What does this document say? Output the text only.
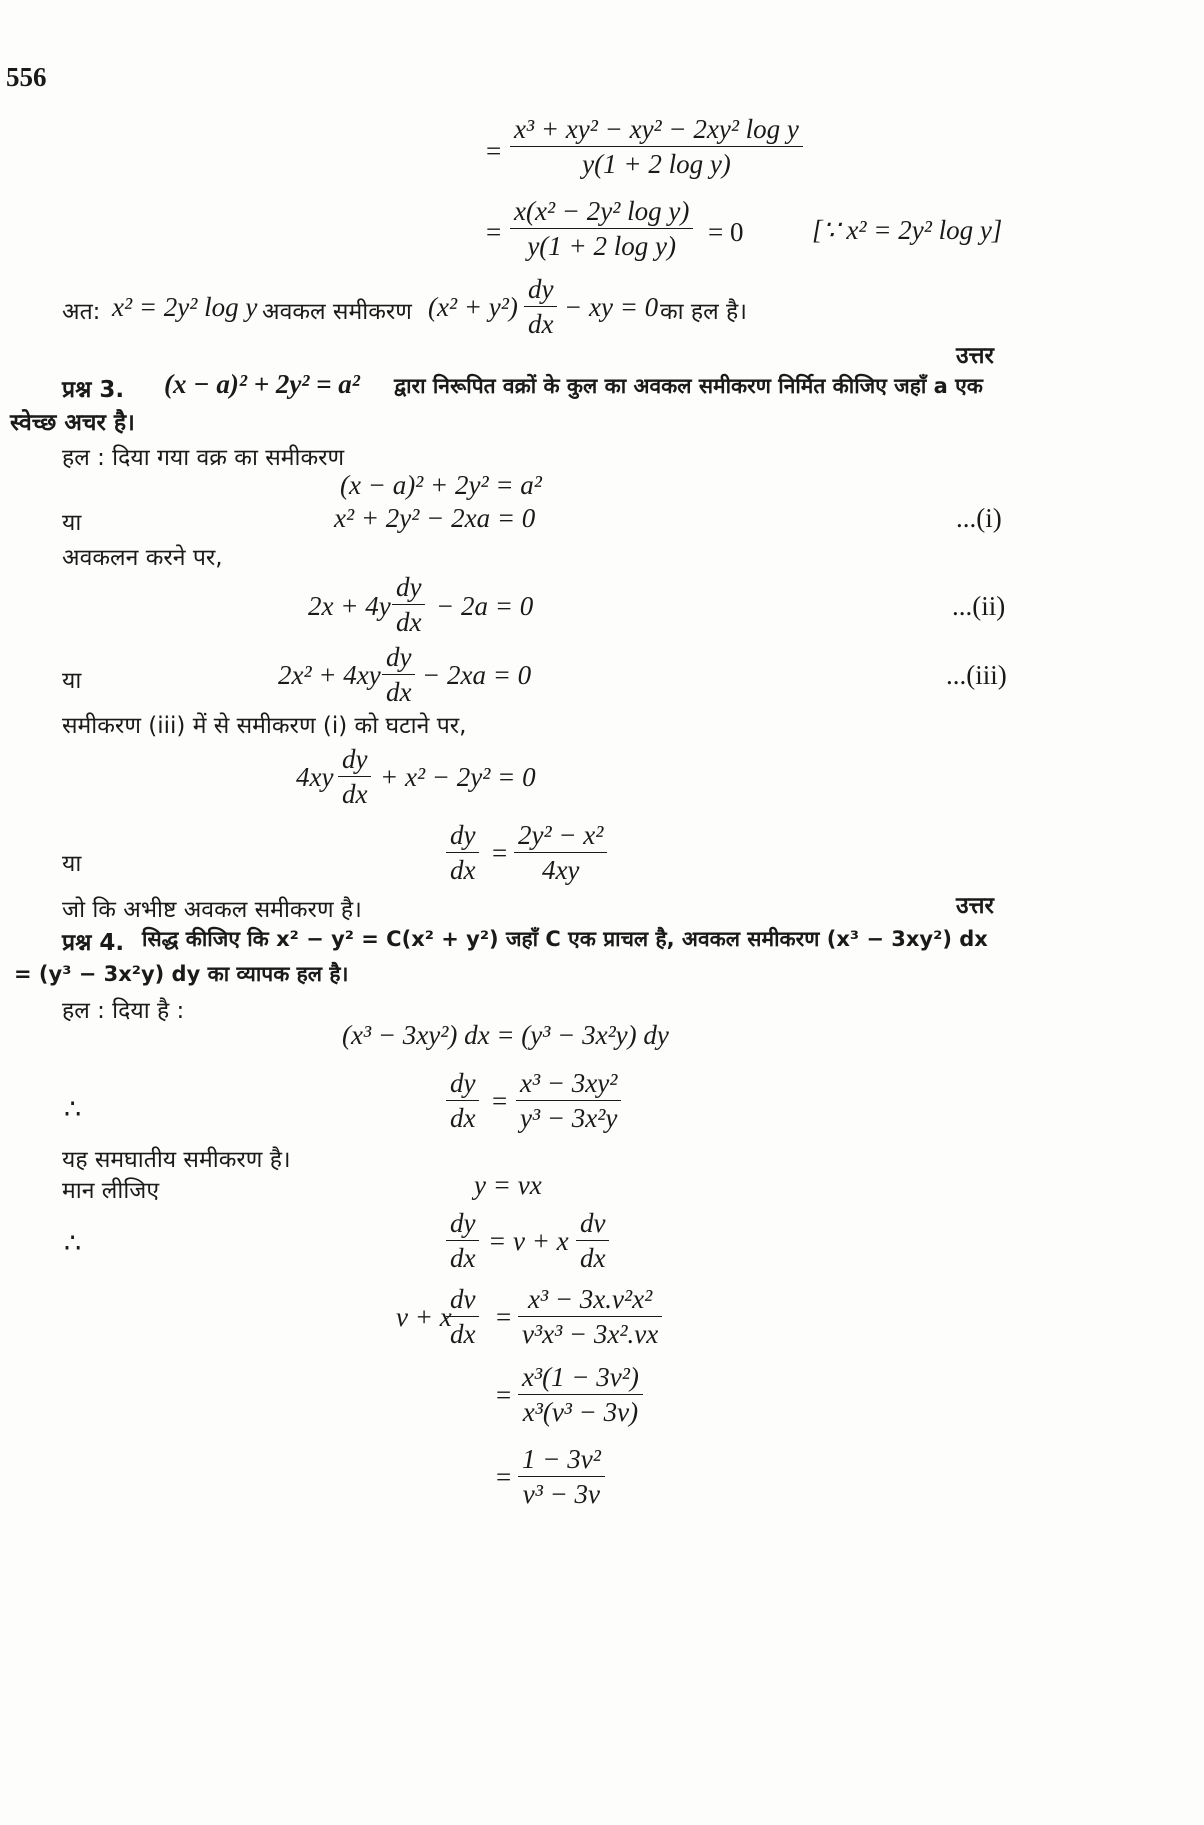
556
=
x³ + xy² − xy² − 2xy² log y
y(1 + 2 log y)
=
x(x² − 2y² log y)
y(1 + 2 log y) = 0	[∵ x² = 2y² log y]
अत: x² = 2y² log y अवकल समीकरण (x² + y²)
dy
dx
− xy = 0 का हल है।
उत्तर
प्रश्न 3. (x − a)² + 2y² = a² द्वारा निरूपित वक्रों के कुल का अवकल समीकरण निर्मित कीजिए जहाँ a एक
स्वेच्छ अचर है।
हल : दिया गया वक्र का समीकरण
(x − a)² + 2y² = a²
या	x² + 2y² − 2xa = 0	...(i)
अवकलन करने पर,
2x + 4y
dy
dx
− 2a = 0	...(ii)
या	2x² + 4xy
dy
dx
− 2xa = 0	...(iii)
समीकरण (iii) में से समीकरण (i) को घटाने पर,
4xy
dy
dx
+ x² − 2y² = 0
या
dy
dx
=
2y² − x²
4xy
जो कि अभीष्ट अवकल समीकरण है।	उत्तर
प्रश्न 4. सिद्ध कीजिए कि x² − y² = C(x² + y²) जहाँ C एक प्राचल है, अवकल समीकरण (x³ − 3xy²) dx
= (y³ − 3x²y) dy का व्यापक हल है।
हल : दिया है :
(x³ − 3xy²) dx = (y³ − 3x²y) dy
∴
dy
dx
=
x³ − 3xy²
y³ − 3x²y
यह समघातीय समीकरण है।
मान लीजिए	y = vx
∴
dy
dx
= v + x
dv
dx
v + x
dv
dx
=
x³ − 3x.v²x²
v³x³ − 3x².vx
=
x³(1 − 3v²)
x³(v³ − 3v)
=
1 − 3v²
v³ − 3v
